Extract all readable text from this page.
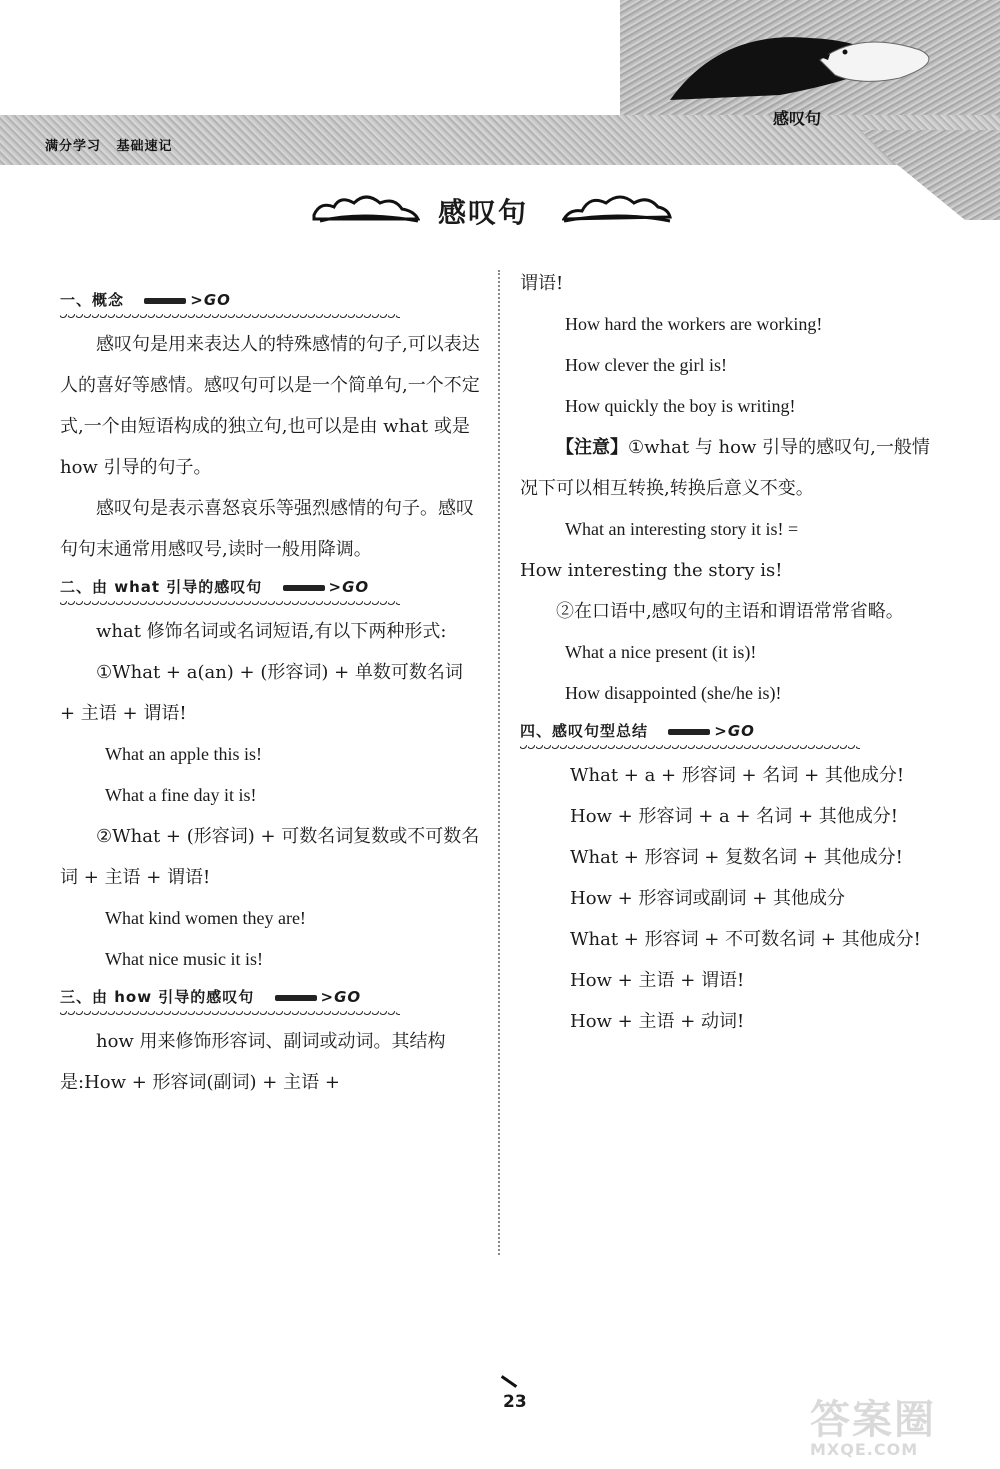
满分学习 基础速记
感叹句
感叹句
一、概念	>GO

感叹句是用来表达人的特殊感情的句子,可以表达人的喜好等感情。感叹句可以是一个简单句,一个不定式,一个由短语构成的独立句,也可以是由 what 或是 how 引导的句子。

感叹句是表示喜怒哀乐等强烈感情的句子。感叹句句末通常用感叹号,读时一般用降调。

二、由 what 引导的感叹句	>GO

what 修饰名词或名词短语,有以下两种形式:

①What + a(an) + (形容词) + 单数可数名词 + 主语 + 谓语!

What an apple this is!

What a fine day it is!

②What + (形容词) + 可数名词复数或不可数名词 + 主语 + 谓语!

What kind women they are!

What nice music it is!

三、由 how 引导的感叹句	>GO

how 用来修饰形容词、副词或动词。其结构是:How + 形容词(副词) + 主语 +

谓语!

How hard the workers are working!

How clever the girl is!

How quickly the boy is writing!

【注意】①what 与 how 引导的感叹句,一般情况下可以相互转换,转换后意义不变。

What an interesting story it is! =

How interesting the story is!

②在口语中,感叹句的主语和谓语常常省略。

What a nice present (it is)!

How disappointed (she/he is)!

四、感叹句型总结	>GO

What + a + 形容词 + 名词 + 其他成分!

How + 形容词 + a + 名词 + 其他成分!

What + 形容词 + 复数名词 + 其他成分!

How + 形容词或副词 + 其他成分

What + 形容词 + 不可数名词 + 其他成分!

How + 主语 + 谓语!

How + 主语 + 动词!

23	答案圈
MXQE.COM
